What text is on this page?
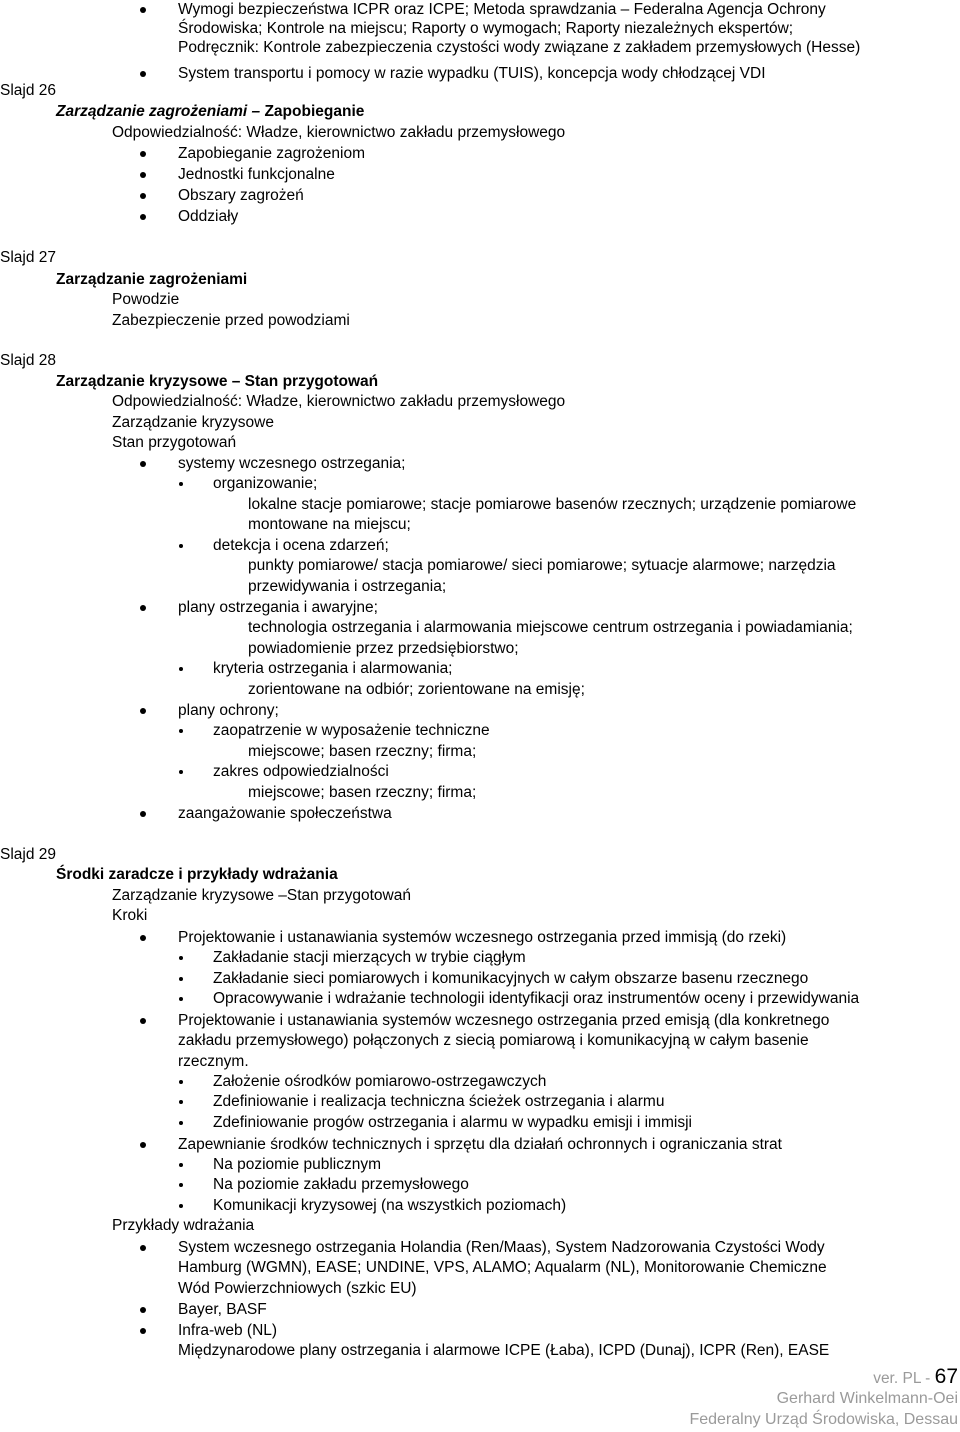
Wymogi bezpieczeństwa ICPR oraz ICPE; Metoda sprawdzania – Federalna Agencja Ochrony
Środowiska; Kontrole na miejscu; Raporty o wymogach; Raporty niezależnych ekspertów;
Podręcznik: Kontrole zabezpieczenia czystości wody związane z zakładem przemysłowych (Hesse)
System transportu i pomocy w razie wypadku (TUIS), koncepcja wody chłodzącej VDI
Slajd 26
Zarządzanie zagrożeniami – Zapobieganie
Odpowiedzialność: Władze, kierownictwo zakładu przemysłowego
Zapobieganie zagrożeniom
Jednostki funkcjonalne
Obszary zagrożeń
Oddziały
Slajd 27
Zarządzanie zagrożeniami
Powodzie
Zabezpieczenie przed powodziami
Slajd 28
Zarządzanie kryzysowe – Stan przygotowań
Odpowiedzialność: Władze, kierownictwo zakładu przemysłowego
Zarządzanie kryzysowe
Stan przygotowań
systemy wczesnego ostrzegania;
organizowanie;
lokalne stacje pomiarowe; stacje pomiarowe basenów rzecznych; urządzenie pomiarowe
montowane na miejscu;
detekcja i ocena zdarzeń;
punkty pomiarowe/ stacja pomiarowe/ sieci pomiarowe; sytuacje alarmowe; narzędzia
przewidywania i ostrzegania;
plany ostrzegania i awaryjne;
technologia ostrzegania i alarmowania miejscowe centrum ostrzegania i powiadamiania;
powiadomienie przez przedsiębiorstwo;
kryteria ostrzegania i alarmowania;
zorientowane na odbiór; zorientowane na emisję;
plany ochrony;
zaopatrzenie w wyposażenie techniczne
miejscowe; basen rzeczny; firma;
zakres odpowiedzialności
miejscowe; basen rzeczny; firma;
zaangażowanie społeczeństwa
Slajd 29
Środki zaradcze i przykłady wdrażania
Zarządzanie kryzysowe –Stan przygotowań
Kroki
Projektowanie i ustanawiania systemów wczesnego ostrzegania przed immisją (do rzeki)
Zakładanie stacji mierzących w trybie ciągłym
Zakładanie sieci pomiarowych i komunikacyjnych w całym obszarze basenu rzecznego
Opracowywanie i wdrażanie technologii identyfikacji oraz instrumentów oceny i przewidywania
Projektowanie i ustanawiania systemów wczesnego ostrzegania przed emisją (dla konkretnego
zakładu przemysłowego) połączonych z siecią pomiarową i komunikacyjną w całym basenie
rzecznym.
Założenie ośrodków pomiarowo-ostrzegawczych
Zdefiniowanie i realizacja techniczna ścieżek ostrzegania i alarmu
Zdefiniowanie progów ostrzegania i alarmu w wypadku emisji i immisji
Zapewnianie środków technicznych i sprzętu dla działań ochronnych i ograniczania strat
Na poziomie publicznym
Na poziomie zakładu przemysłowego
Komunikacji kryzysowej (na wszystkich poziomach)
Przykłady wdrażania
System wczesnego ostrzegania Holandia (Ren/Maas), System Nadzorowania Czystości Wody
Hamburg (WGMN), EASE; UNDINE, VPS, ALAMO; Aqualarm (NL), Monitorowanie Chemiczne
Wód Powierzchniowych (szkic EU)
Bayer, BASF
Infra-web (NL)
Międzynarodowe plany ostrzegania i alarmowe ICPE (Łaba), ICPD (Dunaj), ICPR (Ren), EASE
ver. PL - 67
Gerhard Winkelmann-Oei
Federalny Urząd Środowiska, Dessau
